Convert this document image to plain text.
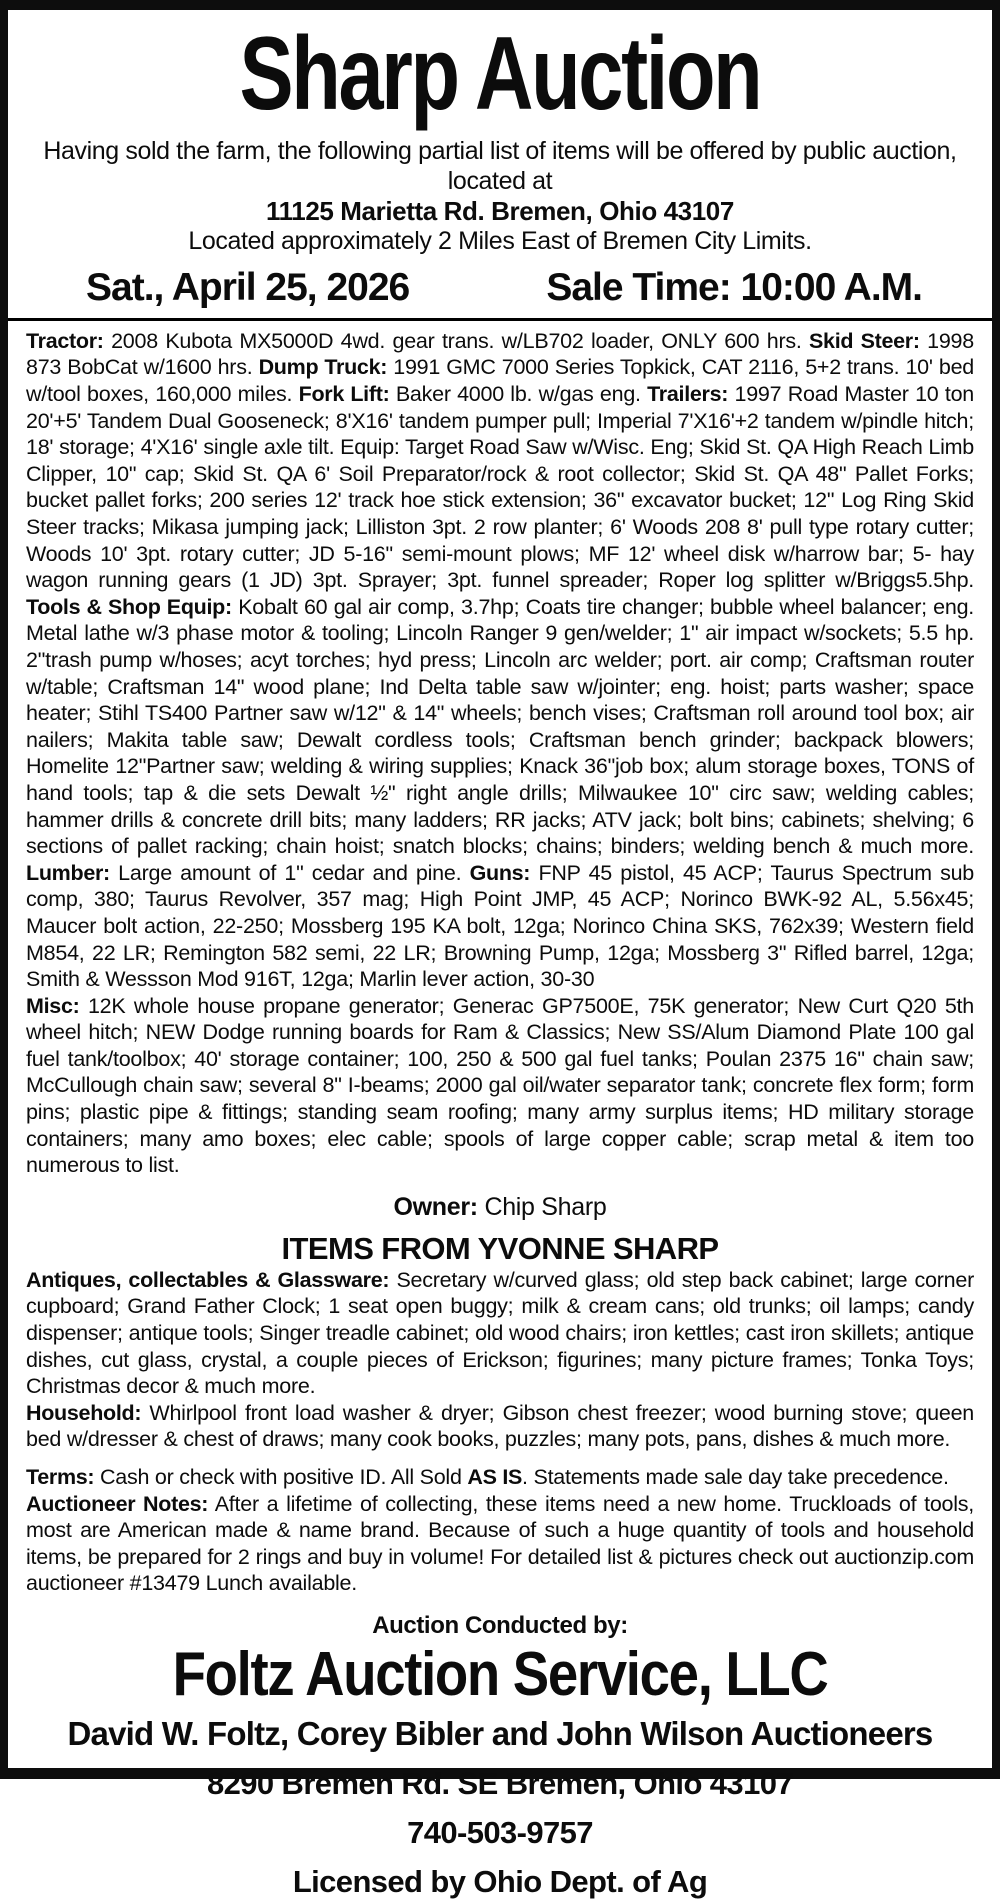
Sharp Auction
Having sold the farm, the following partial list of items will be offered by public auction, located at
11125 Marietta Rd. Bremen, Ohio 43107
Located approximately 2 Miles East of Bremen City Limits.
Sat., April 25, 2026	Sale Time: 10:00 A.M.

Tractor: 2008 Kubota MX5000D 4wd. gear trans. w/LB702 loader, ONLY 600 hrs. Skid Steer: 1998 873 BobCat w/1600 hrs. Dump Truck: 1991 GMC 7000 Series Topkick, CAT 2116, 5+2 trans. 10' bed w/tool boxes, 160,000 miles. Fork Lift: Baker 4000 lb. w/gas eng. Trailers: 1997 Road Master 10 ton 20'+5' Tandem Dual Gooseneck; 8'X16' tandem pumper pull; Imperial 7'X16'+2 tandem w/pindle hitch; 18' storage; 4'X16' single axle tilt. Equip: Target Road Saw w/Wisc. Eng; Skid St. QA High Reach Limb Clipper, 10" cap; Skid St. QA 6' Soil Preparator/rock & root collector; Skid St. QA 48" Pallet Forks; bucket pallet forks; 200 series 12' track hoe stick extension; 36" excavator bucket; 12" Log Ring Skid Steer tracks; Mikasa jumping jack; Lilliston 3pt. 2 row planter; 6' Woods 208 8' pull type rotary cutter; Woods 10' 3pt. rotary cutter; JD 5-16" semi-mount plows; MF 12' wheel disk w/harrow bar; 5- hay wagon running gears (1 JD) 3pt. Sprayer; 3pt. funnel spreader; Roper log splitter w/Briggs5.5hp. Tools & Shop Equip: Kobalt 60 gal air comp, 3.7hp; Coats tire changer; bubble wheel balancer; eng. Metal lathe w/3 phase motor & tooling; Lincoln Ranger 9 gen/welder; 1" air impact w/sockets; 5.5 hp. 2"trash pump w/hoses; acyt torches; hyd press; Lincoln arc welder; port. air comp; Craftsman router w/table; Craftsman 14" wood plane; Ind Delta table saw w/jointer; eng. hoist; parts washer; space heater; Stihl TS400 Partner saw w/12" & 14" wheels; bench vises; Craftsman roll around tool box; air nailers; Makita table saw; Dewalt cordless tools; Craftsman bench grinder; backpack blowers; Homelite 12"Partner saw; welding & wiring supplies; Knack 36"job box; alum storage boxes, TONS of hand tools; tap & die sets Dewalt ½" right angle drills; Milwaukee 10" circ saw; welding cables; hammer drills & concrete drill bits; many ladders; RR jacks; ATV jack; bolt bins; cabinets; shelving; 6 sections of pallet racking; chain hoist; snatch blocks; chains; binders; welding bench & much more. Lumber: Large amount of 1" cedar and pine. Guns: FNP 45 pistol, 45 ACP; Taurus Spectrum sub comp, 380; Taurus Revolver, 357 mag; High Point JMP, 45 ACP; Norinco BWK-92 AL, 5.56x45; Maucer bolt action, 22-250; Mossberg 195 KA bolt, 12ga; Norinco China SKS, 762x39; Western field M854, 22 LR; Remington 582 semi, 22 LR; Browning Pump, 12ga; Mossberg 3" Rifled barrel, 12ga; Smith & Wessson Mod 916T, 12ga; Marlin lever action, 30-30

Misc: 12K whole house propane generator; Generac GP7500E, 75K generator; New Curt Q20 5th wheel hitch; NEW Dodge running boards for Ram & Classics; New SS/Alum Diamond Plate 100 gal fuel tank/toolbox; 40' storage container; 100, 250 & 500 gal fuel tanks; Poulan 2375 16" chain saw; McCullough chain saw; several 8" I-beams; 2000 gal oil/water separator tank; concrete flex form; form pins; plastic pipe & fittings; standing seam roofing; many army surplus items; HD military storage containers; many amo boxes; elec cable; spools of large copper cable; scrap metal & item too numerous to list.

Owner: Chip Sharp
ITEMS FROM YVONNE SHARP

Antiques, collectables & Glassware: Secretary w/curved glass; old step back cabinet; large corner cupboard; Grand Father Clock; 1 seat open buggy; milk & cream cans; old trunks; oil lamps; candy dispenser; antique tools; Singer treadle cabinet; old wood chairs; iron kettles; cast iron skillets; antique dishes, cut glass, crystal, a couple pieces of Erickson; figurines; many picture frames; Tonka Toys; Christmas decor & much more.

Household: Whirlpool front load washer & dryer; Gibson chest freezer; wood burning stove; queen bed w/dresser & chest of draws; many cook books, puzzles; many pots, pans, dishes & much more.

Terms: Cash or check with positive ID. All Sold AS IS. Statements made sale day take precedence.

Auctioneer Notes: After a lifetime of collecting, these items need a new home. Truckloads of tools, most are American made & name brand. Because of such a huge quantity of tools and household items, be prepared for 2 rings and buy in volume! For detailed list & pictures check out auctionzip.com auctioneer #13479 Lunch available.

Auction Conducted by:
Foltz Auction Service, LLC
David W. Foltz, Corey Bibler and John Wilson Auctioneers
8290 Bremen Rd. SE Bremen, Ohio 43107
740-503-9757
Licensed by Ohio Dept. of Ag
